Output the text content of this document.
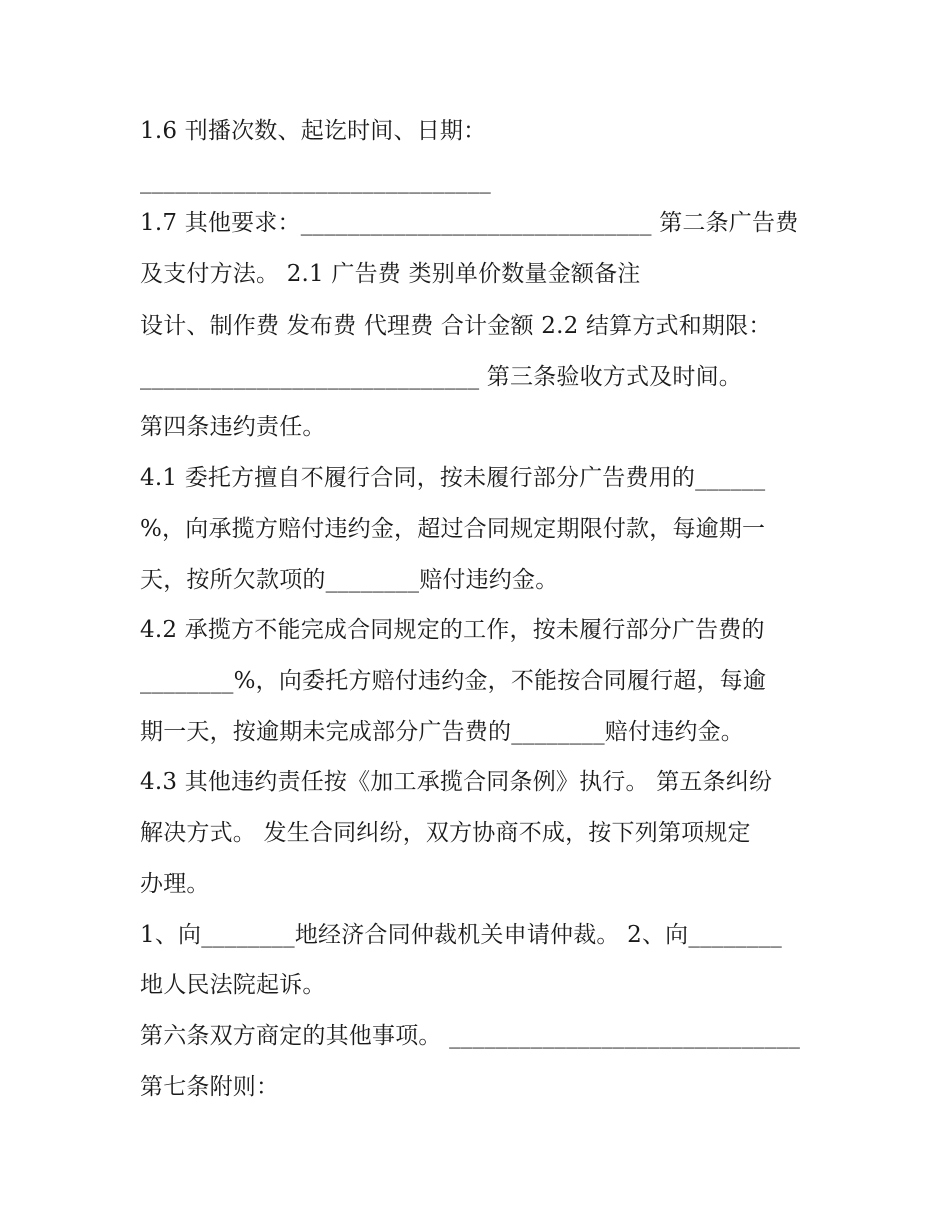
1.6 刊播次数、起讫时间、日期：
______________________________
1.7 其他要求：______________________________ 第二条广告费
及支付方法。 2.1 广告费 类别单价数量金额备注
设计、制作费 发布费 代理费 合计金额 2.2 结算方式和期限：
_____________________________ 第三条验收方式及时间。
第四条违约责任。
4.1 委托方擅自不履行合同，按未履行部分广告费用的______
%，向承揽方赔付违约金，超过合同规定期限付款，每逾期一
天，按所欠款项的________赔付违约金。
4.2 承揽方不能完成合同规定的工作，按未履行部分广告费的
________%，向委托方赔付违约金，不能按合同履行超，每逾
期一天，按逾期未完成部分广告费的________赔付违约金。
4.3 其他违约责任按《加工承揽合同条例》执行。 第五条纠纷
解决方式。 发生合同纠纷，双方协商不成，按下列第项规定
办理。
1、向________地经济合同仲裁机关申请仲裁。 2、向________
地人民法院起诉。
第六条双方商定的其他事项。 ______________________________
第七条附则：
